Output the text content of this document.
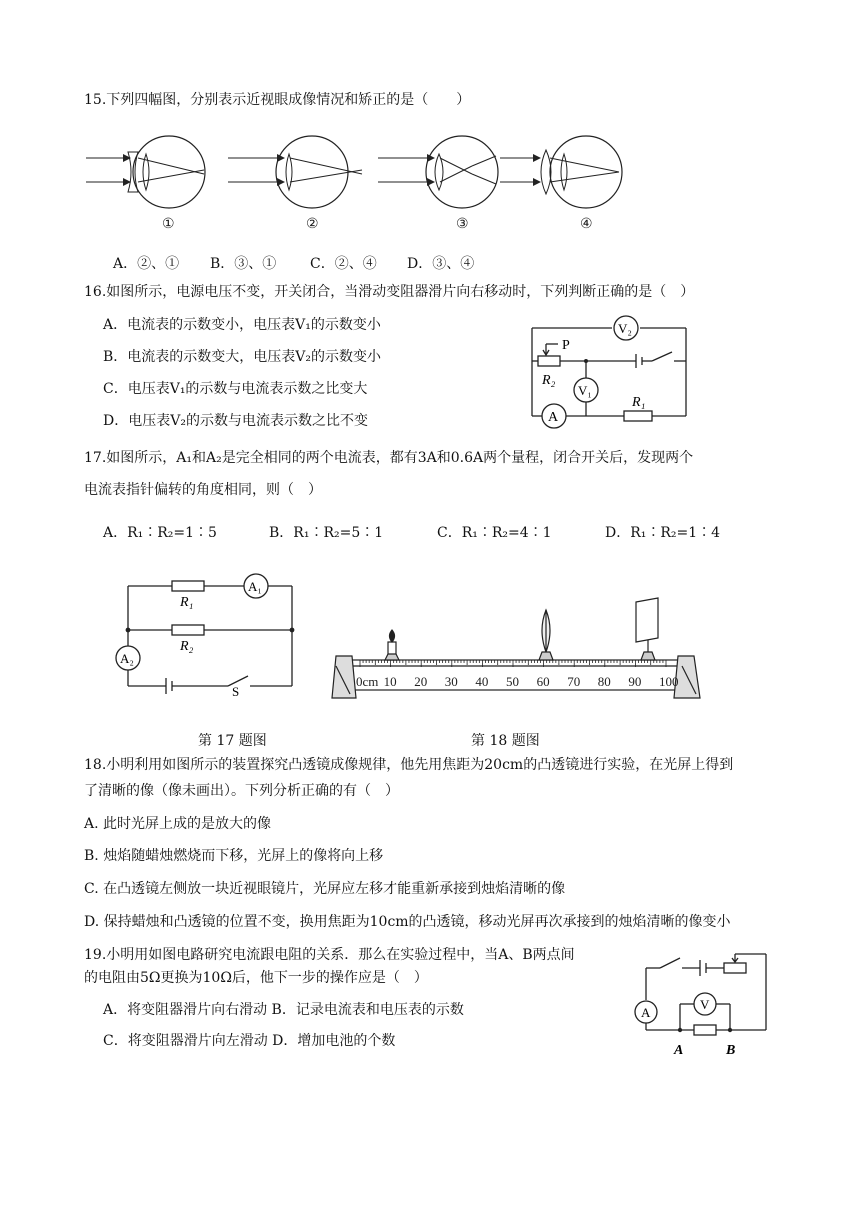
15.下列四幅图，分别表示近视眼成像情况和矫正的是（　　）
①	②	③	④
A．②、① B．③、① C．②、④ D．③、④
16.如图所示，电源电压不变，开关闭合，当滑动变阻器滑片向右移动时，下列判断正确的是（　）
A．电流表的示数变小，电压表V₁的示数变小
B．电流表的示数变大，电压表V₂的示数变小
C．电压表V₁的示数与电流表示数之比变大
D．电压表V₂的示数与电流表示数之比不变
V₂
P
R₂
V₁
A
R₁
17.如图所示，A₁和A₂是完全相同的两个电流表，都有3A和0.6A两个量程，闭合开关后，发现两个
电流表指针偏转的角度相同，则（　）
A．R₁∶R₂=1∶5	B．R₁∶R₂=5∶1	C．R₁∶R₂=4∶1	D．R₁∶R₂=1∶4
R₁
A₁
R₂
A₂
S
0cm 10 20 30 40 50 60 70 80 90 100
第 17 题图	第 18 题图
18.小明利用如图所示的装置探究凸透镜成像规律，他先用焦距为20cm的凸透镜进行实验，在光屏上得到
了清晰的像（像未画出）。下列分析正确的有（　）
A. 此时光屏上成的是放大的像
B. 烛焰随蜡烛燃烧而下移，光屏上的像将向上移
C. 在凸透镜左侧放一块近视眼镜片，光屏应左移才能重新承接到烛焰清晰的像
D. 保持蜡烛和凸透镜的位置不变，换用焦距为10cm的凸透镜，移动光屏再次承接到的烛焰清晰的像变小
19.小明用如图电路研究电流跟电阻的关系．那么在实验过程中，当A、B两点间
的电阻由5Ω更换为10Ω后，他下一步的操作应是（　）
A．将变阻器滑片向右滑动 B．记录电流表和电压表的示数
C．将变阻器滑片向左滑动 D．增加电池的个数
A
V
A	B
